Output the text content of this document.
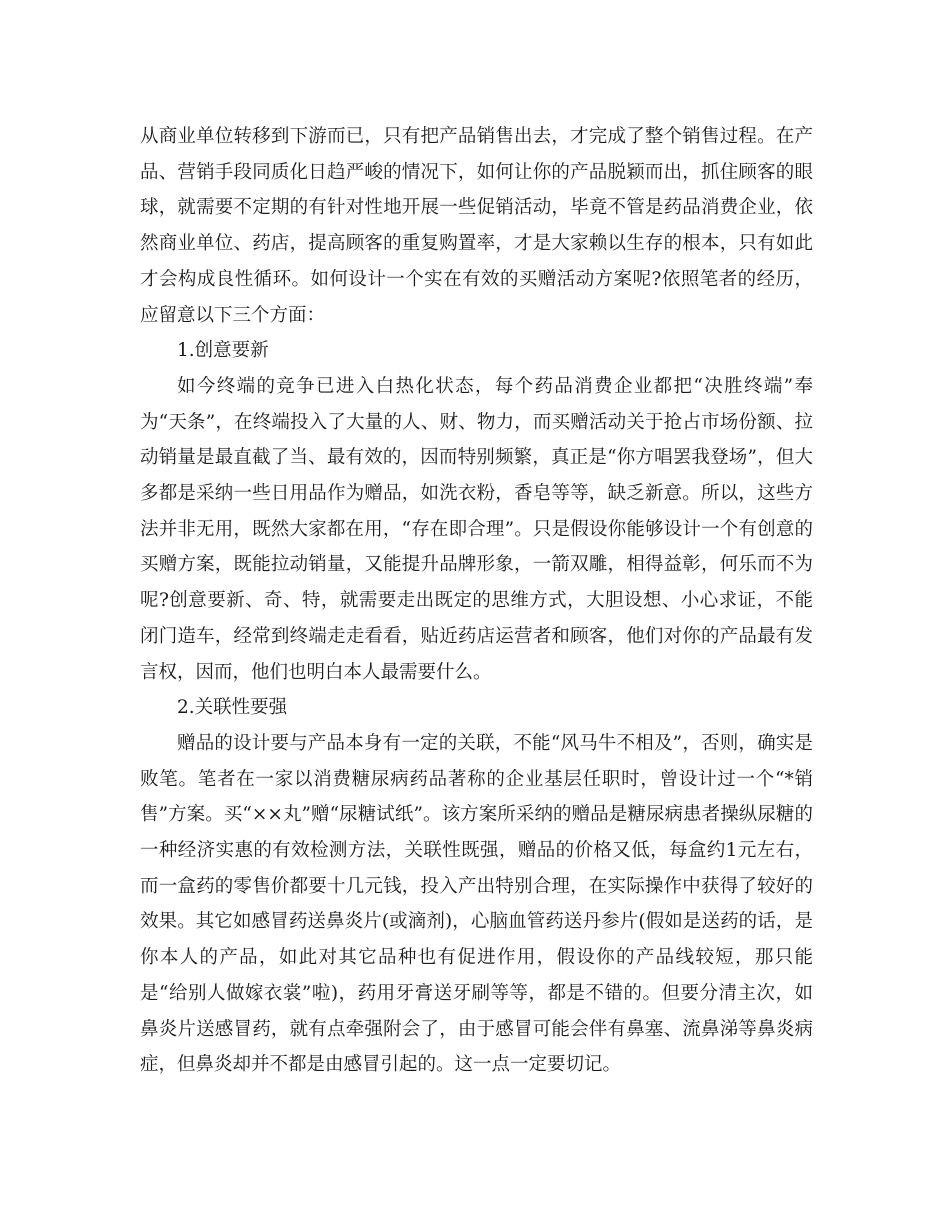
从商业单位转移到下游而已，只有把产品销售出去，才完成了整个销售过程。在产品、营销手段同质化日趋严峻的情况下，如何让你的产品脱颖而出，抓住顾客的眼球，就需要不定期的有针对性地开展一些促销活动，毕竟不管是药品消费企业，依然商业单位、药店，提高顾客的重复购置率，才是大家赖以生存的根本，只有如此才会构成良性循环。如何设计一个实在有效的买赠活动方案呢?依照笔者的经历，应留意以下三个方面：

1.创意要新

如今终端的竞争已进入白热化状态，每个药品消费企业都把“决胜终端”奉为“天条”，在终端投入了大量的人、财、物力，而买赠活动关于抢占市场份额、拉动销量是最直截了当、最有效的，因而特别频繁，真正是“你方唱罢我登场”，但大多都是采纳一些日用品作为赠品，如洗衣粉，香皂等等，缺乏新意。所以，这些方法并非无用，既然大家都在用，“存在即合理”。只是假设你能够设计一个有创意的买赠方案，既能拉动销量，又能提升品牌形象，一箭双雕，相得益彰，何乐而不为呢?创意要新、奇、特，就需要走出既定的思维方式，大胆设想、小心求证，不能闭门造车，经常到终端走走看看，贴近药店运营者和顾客，他们对你的产品最有发言权，因而，他们也明白本人最需要什么。

2.关联性要强

赠品的设计要与产品本身有一定的关联，不能“风马牛不相及”，否则，确实是败笔。笔者在一家以消费糖尿病药品著称的企业基层任职时，曾设计过一个“*销售”方案。买“××丸”赠“尿糖试纸”。该方案所采纳的赠品是糖尿病患者操纵尿糖的一种经济实惠的有效检测方法，关联性既强，赠品的价格又低，每盒约1元左右，而一盒药的零售价都要十几元钱，投入产出特别合理，在实际操作中获得了较好的效果。其它如感冒药送鼻炎片(或滴剂)，心脑血管药送丹参片(假如是送药的话，是你本人的产品，如此对其它品种也有促进作用，假设你的产品线较短，那只能是“给别人做嫁衣裳”啦)，药用牙膏送牙刷等等，都是不错的。但要分清主次，如鼻炎片送感冒药，就有点牵强附会了，由于感冒可能会伴有鼻塞、流鼻涕等鼻炎病症，但鼻炎却并不都是由感冒引起的。这一点一定要切记。
